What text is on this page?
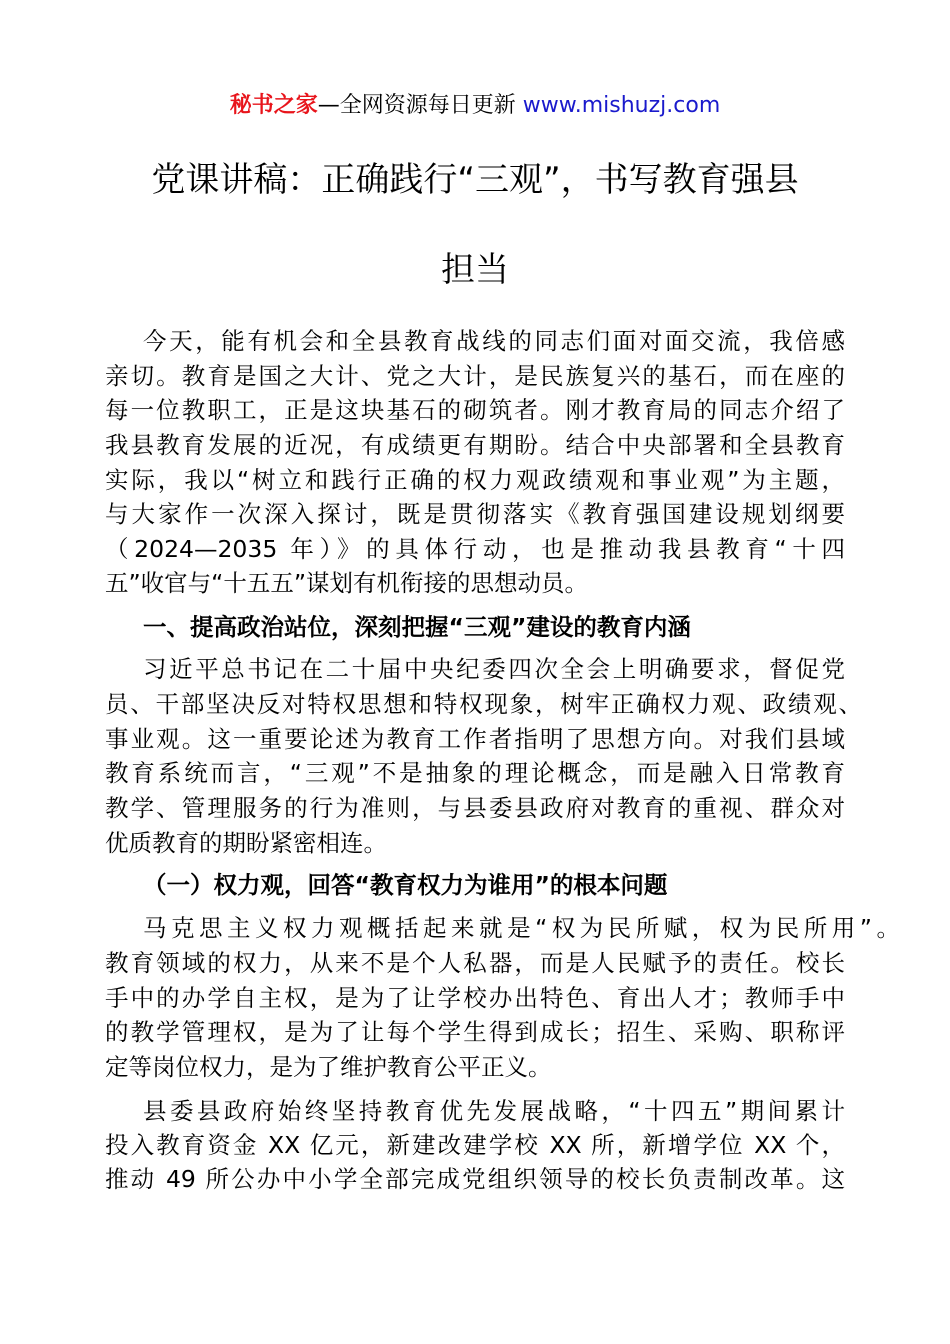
秘书之家—全网资源每日更新 www.mishuzj.com
党课讲稿：正确践行“三观”，书写教育强县
担当
今天，能有机会和全县教育战线的同志们面对面交流，我倍感
亲切。教育是国之大计、党之大计，是民族复兴的基石，而在座的
每一位教职工，正是这块基石的砌筑者。刚才教育局的同志介绍了
我县教育发展的近况，有成绩更有期盼。结合中央部署和全县教育
实际，我以“树立和践行正确的权力观政绩观和事业观”为主题，
与大家作一次深入探讨，既是贯彻落实《教育强国建设规划纲要
（2024—2035 年）》的具体行动，也是推动我县教育“十四
五”收官与“十五五”谋划有机衔接的思想动员。
一、提高政治站位，深刻把握“三观”建设的教育内涵
习近平总书记在二十届中央纪委四次全会上明确要求，督促党
员、干部坚决反对特权思想和特权现象，树牢正确权力观、政绩观、
事业观。这一重要论述为教育工作者指明了思想方向。对我们县域
教育系统而言，“三观”不是抽象的理论概念，而是融入日常教育
教学、管理服务的行为准则，与县委县政府对教育的重视、群众对
优质教育的期盼紧密相连。
（一）权力观，回答“教育权力为谁用”的根本问题
马克思主义权力观概括起来就是“权为民所赋，权为民所用”。
教育领域的权力，从来不是个人私器，而是人民赋予的责任。校长
手中的办学自主权，是为了让学校办出特色、育出人才；教师手中
的教学管理权，是为了让每个学生得到成长；招生、采购、职称评
定等岗位权力，是为了维护教育公平正义。
县委县政府始终坚持教育优先发展战略，“十四五”期间累计
投入教育资金 XX 亿元，新建改建学校 XX 所，新增学位 XX 个，
推动 49 所公办中小学全部完成党组织领导的校长负责制改革。这
